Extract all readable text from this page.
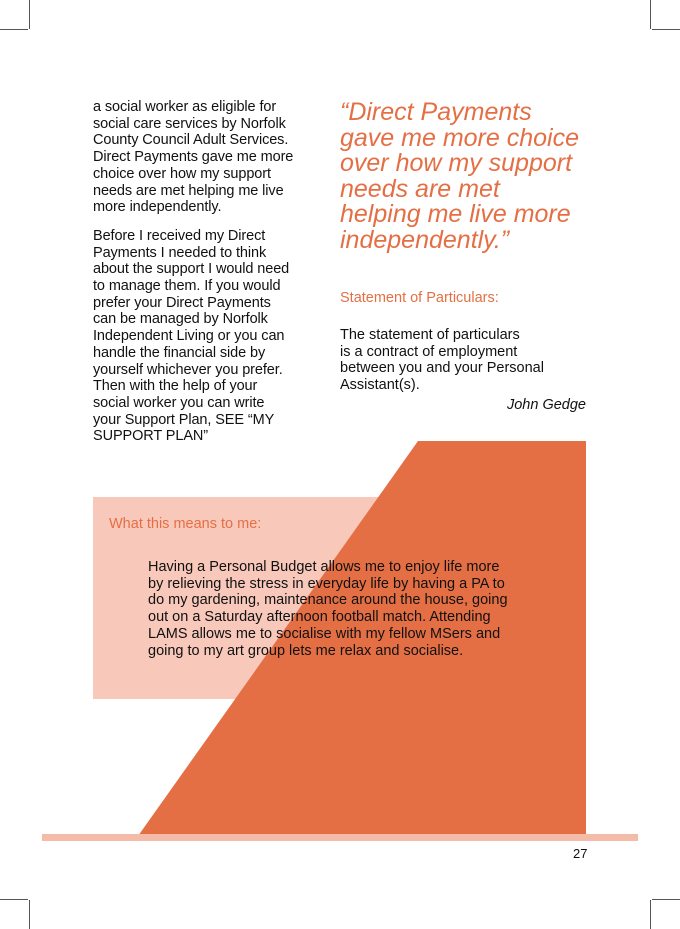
a social worker as eligible for
social care services by Norfolk
County Council Adult Services.
Direct Payments gave me more
choice over how my support
needs are met helping me live
more independently.

Before I received my Direct
Payments I needed to think
about the support I would need
to manage them. If you would
prefer your Direct Payments
can be managed by Norfolk
Independent Living or you can
handle the financial side by
yourself whichever you prefer.
Then with the help of your
social worker you can write
your Support Plan, SEE “MY
SUPPORT PLAN”

“Direct Payments
gave me more choice
over how my support
needs are met
helping me live more
independently.”

Statement of Particulars:

The statement of particulars
is a contract of employment
between you and your Personal
Assistant(s).

John Gedge

What this means to me:

Having a Personal Budget allows me to enjoy life more
by relieving the stress in everyday life by having a PA to
do my gardening, maintenance around the house, going
out on a Saturday afternoon football match. Attending
LAMS allows me to socialise with my fellow MSers and
going to my art group lets me relax and socialise.

27
